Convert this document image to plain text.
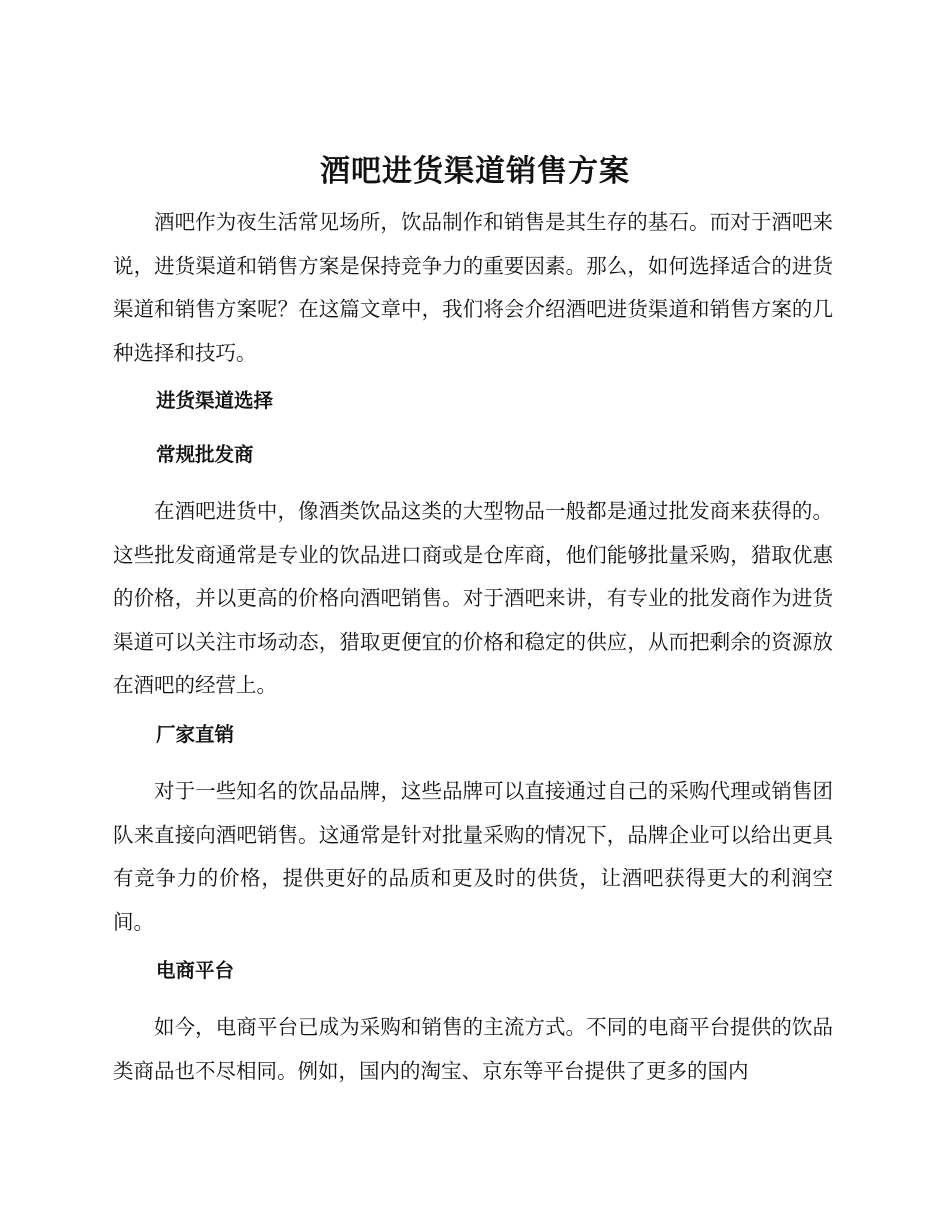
酒吧进货渠道销售方案

酒吧作为夜生活常见场所，饮品制作和销售是其生存的基石。而对于酒吧来说，进货渠道和销售方案是保持竞争力的重要因素。那么，如何选择适合的进货渠道和销售方案呢？在这篇文章中，我们将会介绍酒吧进货渠道和销售方案的几种选择和技巧。

进货渠道选择
常规批发商

在酒吧进货中，像酒类饮品这类的大型物品一般都是通过批发商来获得的。这些批发商通常是专业的饮品进口商或是仓库商，他们能够批量采购，猎取优惠的价格，并以更高的价格向酒吧销售。对于酒吧来讲，有专业的批发商作为进货渠道可以关注市场动态，猎取更便宜的价格和稳定的供应，从而把剩余的资源放在酒吧的经营上。

厂家直销

对于一些知名的饮品品牌，这些品牌可以直接通过自己的采购代理或销售团队来直接向酒吧销售。这通常是针对批量采购的情况下，品牌企业可以给出更具有竞争力的价格，提供更好的品质和更及时的供货，让酒吧获得更大的利润空间。

电商平台

如今，电商平台已成为采购和销售的主流方式。不同的电商平台提供的饮品类商品也不尽相同。例如，国内的淘宝、京东等平台提供了更多的国内
